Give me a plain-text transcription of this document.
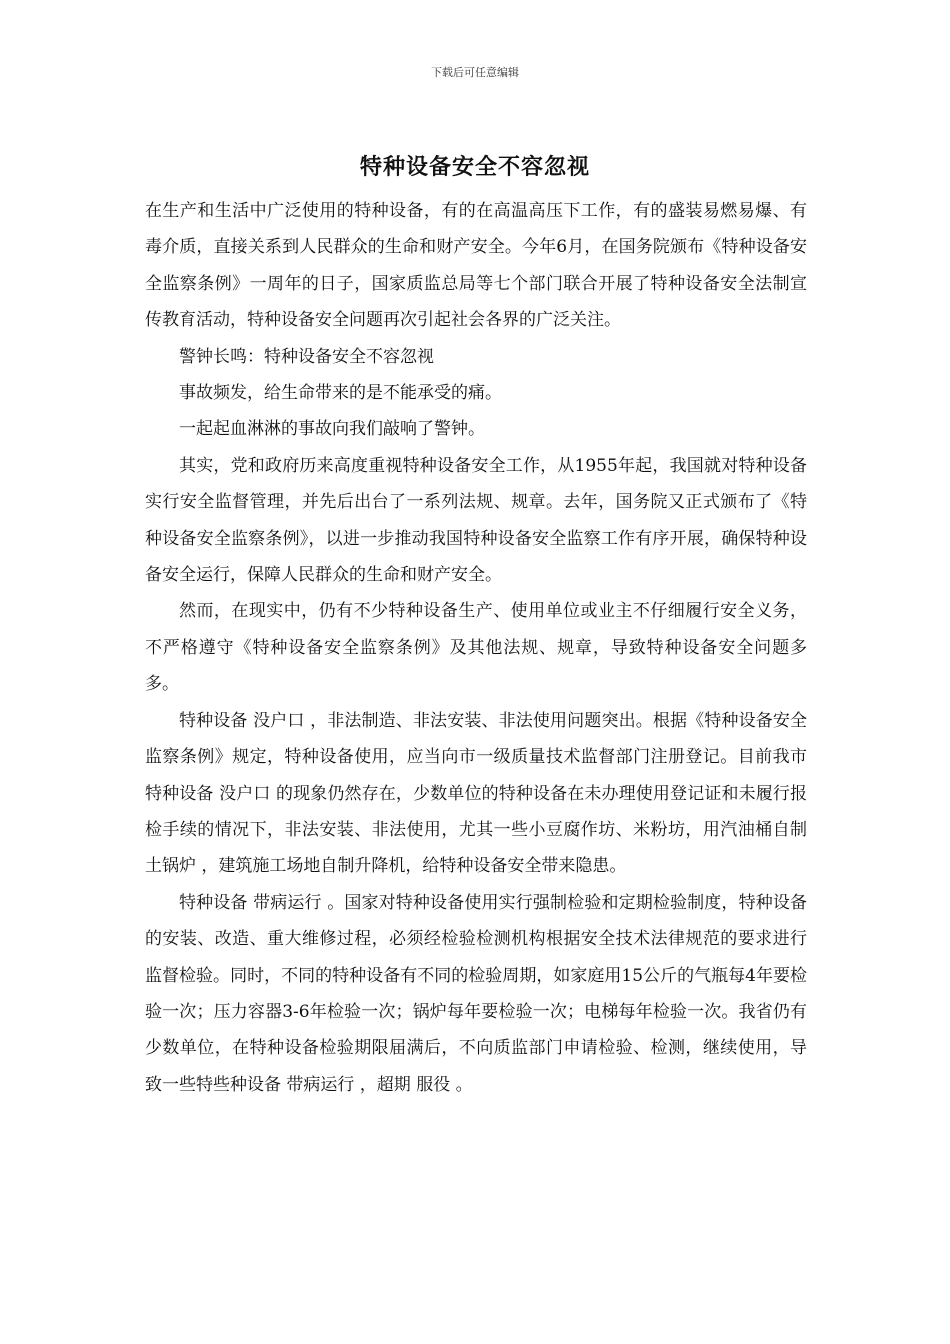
下载后可任意编辑
特种设备安全不容忽视

在生产和生活中广泛使用的特种设备，有的在高温高压下工作，有的盛装易燃易爆、有毒介质，直接关系到人民群众的生命和财产安全。今年6月，在国务院颁布《特种设备安全监察条例》一周年的日子，国家质监总局等七个部门联合开展了特种设备安全法制宣传教育活动，特种设备安全问题再次引起社会各界的广泛关注。

警钟长鸣：特种设备安全不容忽视

事故频发，给生命带来的是不能承受的痛。

一起起血淋淋的事故向我们敲响了警钟。

其实，党和政府历来高度重视特种设备安全工作，从1955年起，我国就对特种设备实行安全监督管理，并先后出台了一系列法规、规章。去年，国务院又正式颁布了《特种设备安全监察条例》，以进一步推动我国特种设备安全监察工作有序开展，确保特种设备安全运行，保障人民群众的生命和财产安全。

然而，在现实中，仍有不少特种设备生产、使用单位或业主不仔细履行安全义务，不严格遵守《特种设备安全监察条例》及其他法规、规章，导致特种设备安全问题多多。

特种设备 没户口 ，非法制造、非法安装、非法使用问题突出。根据《特种设备安全监察条例》规定，特种设备使用，应当向市一级质量技术监督部门注册登记。目前我市特种设备 没户口 的现象仍然存在，少数单位的特种设备在未办理使用登记证和未履行报检手续的情况下，非法安装、非法使用，尤其一些小豆腐作坊、米粉坊，用汽油桶自制 土锅炉 ，建筑施工场地自制升降机，给特种设备安全带来隐患。

特种设备 带病运行 。国家对特种设备使用实行强制检验和定期检验制度，特种设备的安装、改造、重大维修过程，必须经检验检测机构根据安全技术法律规范的要求进行监督检验。同时，不同的特种设备有不同的检验周期，如家庭用15公斤的气瓶每4年要检验一次；压力容器3-6年检验一次；锅炉每年要检验一次；电梯每年检验一次。我省仍有少数单位，在特种设备检验期限届满后，不向质监部门申请检验、检测，继续使用，导致一些特些种设备 带病运行 ，超期 服役 。
